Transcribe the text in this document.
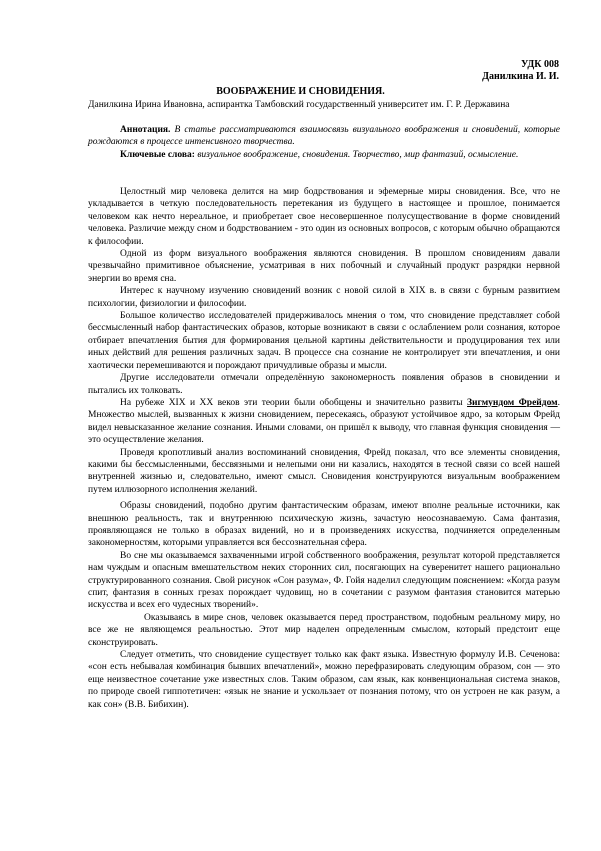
УДК 008
Данилкина И. И.
ВООБРАЖЕНИЕ И СНОВИДЕНИЯ.
Данилкина Ирина Ивановна, аспирантка Тамбовский государственный университет им. Г. Р. Державина

Аннотация. В статье рассматриваются взаимосвязь визуального воображения и сновидений, которые рождаются в процессе интенсивного творчества.

Ключевые слова: визуальное воображение, сновидения. Творчество, мир фантазий, осмысление.

Целостный мир человека делится на мир бодрствования и эфемерные миры сновидения. Все, что не укладывается в четкую последовательность перетекания из будущего в настоящее и прошлое, понимается человеком как нечто нереальное, и приобретает свое несовершенное полусуществование в форме сновидений человека. Различие между сном и бодрствованием - это один из основных вопросов, с которым обычно обращаются к философии.

Одной из форм визуального воображения являются сновидения. В прошлом сновидениям давали чрезвычайно примитивное объяснение, усматривая в них побочный и случайный продукт разрядки нервной энергии во время сна.

Интерес к научному изучению сновидений возник с новой силой в XIX в. в связи с бурным развитием психологии, физиологии и философии.

Большое количество исследователей придерживалось мнения о том, что сновидение представляет собой бессмысленный набор фантастических образов, которые возникают в связи с ослаблением роли сознания, которое отбирает впечатления бытия для формирования цельной картины действительности и продуцирования тех или иных действий для решения различных задач. В процессе сна сознание не контролирует эти впечатления, и они хаотически перемешиваются и порождают причудливые образы и мысли.

Другие исследователи отмечали определённую закономерность появления образов в сновидении и пытались их толковать.

На рубеже XIX и XX веков эти теории были обобщены и значительно развиты Зигмундом Фрейдом. Множество мыслей, вызванных к жизни сновидением, пересекаясь, образуют устойчивое ядро, за которым Фрейд видел невысказанное желание сознания. Иными словами, он пришёл к выводу, что главная функция сновидения — это осуществление желания.

Проведя кропотливый анализ воспоминаний сновидения, Фрейд показал, что все элементы сновидения, какими бы бессмысленными, бессвязными и нелепыми они ни казались, находятся в тесной связи со всей нашей внутренней жизнью и, следовательно, имеют смысл. Сновидения конструируются визуальным воображением путем иллюзорного исполнения желаний.

Образы сновидений, подобно другим фантастическим образам, имеют вполне реальные источники, как внешнюю реальность, так и внутреннюю психическую жизнь, зачастую неосознаваемую. Сама фантазия, проявляющаяся не только в образах видений, но и в произведениях искусства, подчиняется определенным закономерностям, которыми управляется вся бессознательная сфера.

Во сне мы оказываемся захваченными игрой собственного воображения, результат которой представляется нам чуждым и опасным вмешательством неких сторонних сил, посягающих на суверенитет нашего рационально структурированного сознания. Свой рисунок «Сон разума», Ф. Гойя наделил следующим пояснением: «Когда разум спит, фантазия в сонных грезах порождает чудовищ, но в сочетании с разумом фантазия становится матерью искусства и всех его чудесных творений».

Оказываясь в мире снов, человек оказывается перед пространством, подобным реальному миру, но все же не являющемся реальностью. Этот мир наделен определенным смыслом, который предстоит еще сконструировать.

Следует отметить, что сновидение существует только как факт языка. Известную формулу И.В. Сеченова: «сон есть небывалая комбинация бывших впечатлений», можно перефразировать следующим образом, сон — это еще неизвестное сочетание уже известных слов. Таким образом, сам язык, как конвенциональная система знаков, по природе своей гиппотетичен: «язык не знание и ускользает от познания потому, что он устроен не как разум, а как сон» (В.В. Бибихин).
